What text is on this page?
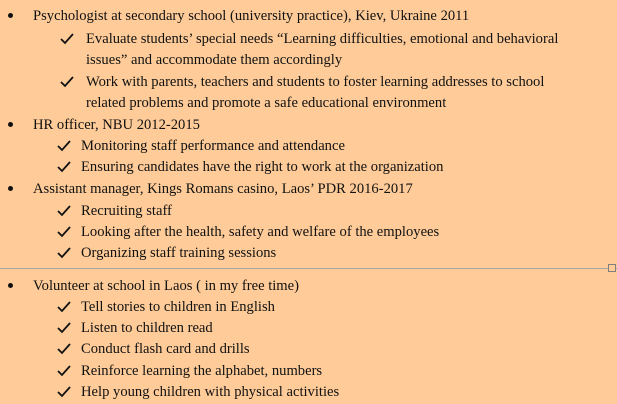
Psychologist at secondary school (university practice), Kiev, Ukraine 2011
Evaluate students’ special needs “Learning difficulties, emotional and behavioral
issues” and accommodate them accordingly
Work with parents, teachers and students to foster learning addresses to school
related problems and promote a safe educational environment
HR officer, NBU 2012-2015
Monitoring staff performance and attendance
Ensuring candidates have the right to work at the organization
Assistant manager, Kings Romans casino, Laos’ PDR 2016-2017
Recruiting staff
Looking after the health, safety and welfare of the employees
Organizing staff training sessions
Volunteer at school in Laos ( in my free time)
Tell stories to children in English
Listen to children read
Conduct flash card and drills
Reinforce learning the alphabet, numbers
Help young children with physical activities
